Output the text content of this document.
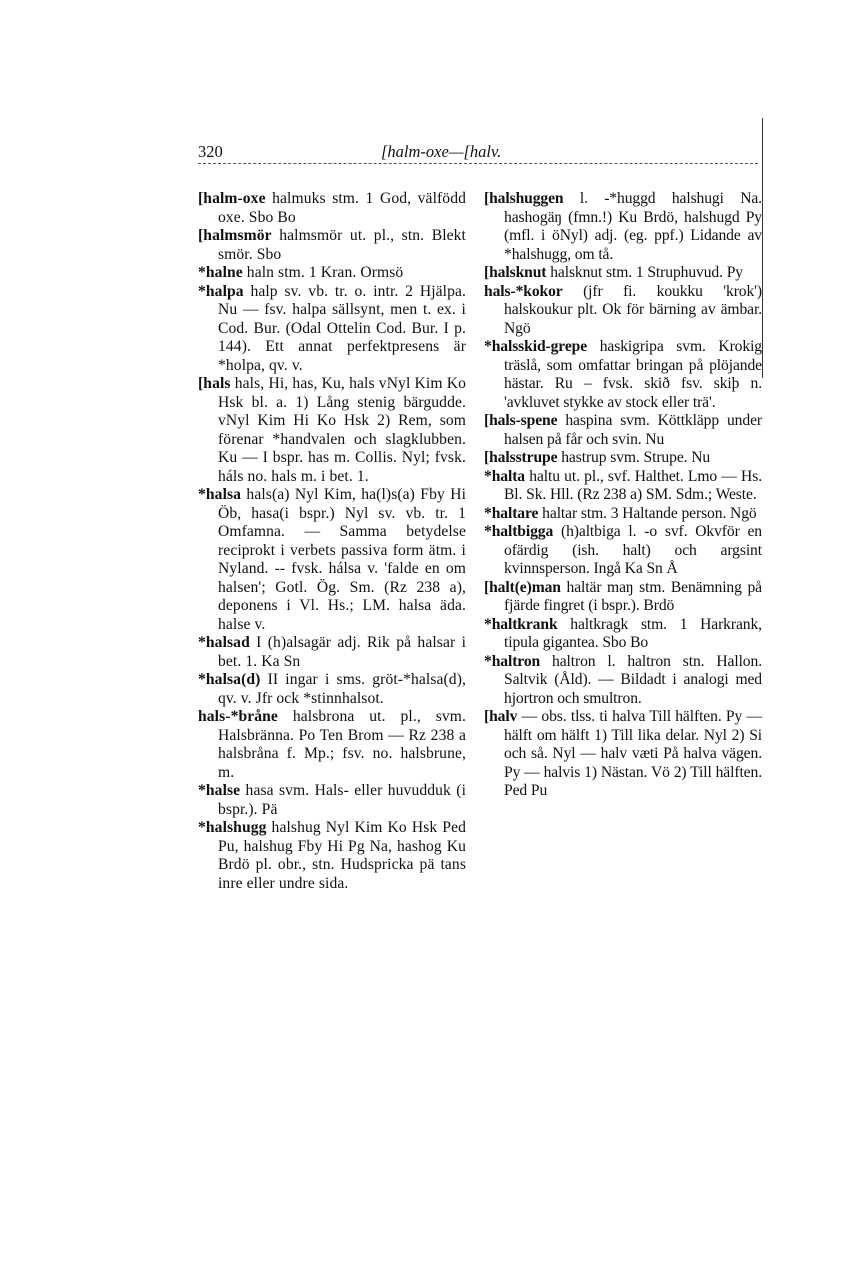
320	[halm-oxe—[halv.

[halm-oxe halmuks stm. 1 God, välfödd oxe. Sbo Bo

[halmsmör halmsmör ut. pl., stn. Blekt smör. Sbo

*halne haln stm. 1 Kran. Ormsö

*halpa halp sv. vb. tr. o. intr. 2 Hjälpa. Nu — fsv. halpa sällsynt, men t. ex. i Cod. Bur. (Odal Ottelin Cod. Bur. I p. 144). Ett annat perfektpresens är *holpa, qv. v.

[hals hals, Hi, has, Ku, hals vNyl Kim Ko Hsk bl. a. 1) Lång stenig bärgudde. vNyl Kim Hi Ko Hsk 2) Rem, som förenar *handvalen och slagklubben. Ku — I bspr. has m. Collis. Nyl; fvsk. háls no. hals m. i bet. 1.

*halsa hals(a) Nyl Kim, ha(l)s(a) Fby Hi Öb, hasa(i bspr.) Nyl sv. vb. tr. 1 Omfamna. — Samma betydelse reciprokt i verbets passiva form ätm. i Nyland. -- fvsk. hálsa v. 'falde en om halsen'; Gotl. Ög. Sm. (Rz 238 a), deponens i Vl. Hs.; LM. halsa äda. halse v.

*halsad I (h)alsagär adj. Rik på halsar i bet. 1. Ka Sn

*halsa(d) II ingar i sms. gröt-*halsa(d), qv. v. Jfr ock *stinnhalsot.

hals-*bråne halsbrona ut. pl., svm. Halsbränna. Po Ten Brom — Rz 238 a halsbråna f. Mp.; fsv. no. halsbrune, m.

*halse hasa svm. Hals- eller huvudduk (i bspr.). Pä

*halshugg halshug Nyl Kim Ko Hsk Ped Pu, halshug Fby Hi Pg Na, hashog Ku Brdö pl. obr., stn. Hudspricka pä tans inre eller undre sida.

[halshuggen l. -*huggd halshugi Na. hashogäŋ (fmn.!) Ku Brdö, halshugd Py (mfl. i öNyl) adj. (eg. ppf.) Lidande av *halshugg, om tå.

[halsknut halsknut stm. 1 Struphuvud. Py

hals-*kokor (jfr fi. koukku 'krok') halskoukur plt. Ok för bärning av ämbar. Ngö

*halsskid-grepe haskigripa svm. Krokig träslå, som omfattar bringan på plöjande hästar. Ru – fvsk. skið fsv. skiþ n. 'avkluvet stykke av stock eller trä'.

[hals-spene haspina svm. Köttkläpp under halsen på får och svin. Nu

[halsstrupe hastrup svm. Strupe. Nu

*halta haltu ut. pl., svf. Halthet. Lmo — Hs. Bl. Sk. Hll. (Rz 238 a) SM. Sdm.; Weste.

*haltare haltar stm. 3 Haltande person. Ngö

*haltbigga (h)altbiga l. -o svf. Okvför en ofärdig (ish. halt) och argsint kvinnsperson. Ingå Ka Sn Å

[halt(e)man haltär maŋ stm. Benämning på fjärde fingret (i bspr.). Brdö

*haltkrank haltkragk stm. 1 Harkrank, tipula gigantea. Sbo Bo

*haltron haltron l. haltron stn. Hallon. Saltvik (Åld). — Bildadt i analogi med hjortron och smultron.

[halv — obs. tlss. ti halva Till hälften. Py — hälft om hälft 1) Till lika delar. Nyl 2) Si och så. Nyl — halv væti På halva vägen. Py — halvis 1) Nästan. Vö 2) Till hälften. Ped Pu
